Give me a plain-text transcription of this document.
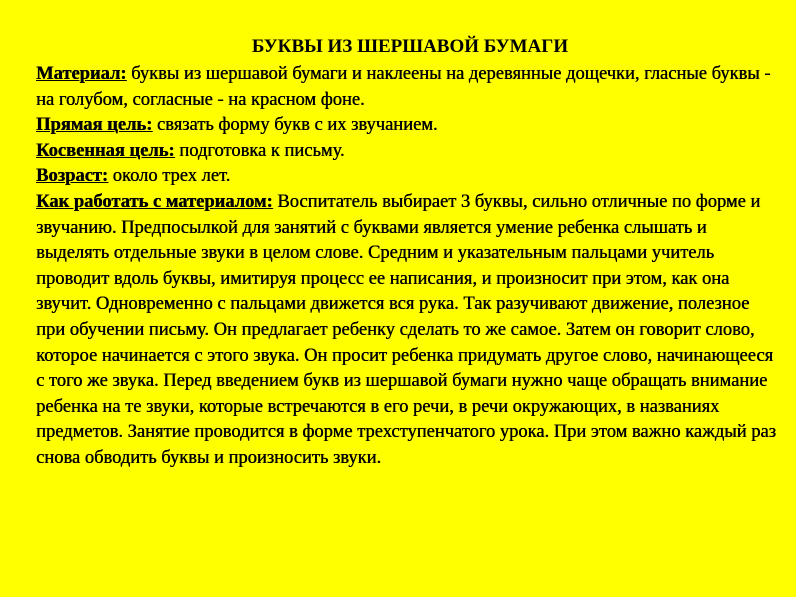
БУКВЫ ИЗ ШЕРШАВОЙ БУМАГИ

Материал: буквы из шершавой бумаги и наклеены на деревянные дощечки, гласные буквы - на голубом, согласные - на красном фоне.

Прямая цель: связать форму букв с их звучанием.

Косвенная цель: подготовка к письму.

Возраст: около трех лет.

Как работать с материалом: Воспитатель выбирает 3 буквы, сильно отличные по форме и звучанию. Предпосылкой для занятий с буквами является умение ребенка слышать и выделять отдельные звуки в целом слове. Средним и указательным пальцами учитель проводит вдоль буквы, имитируя процесс ее написания, и произносит при этом, как она звучит. Одновременно с пальцами движется вся рука. Так разучивают движение, полезное при обучении письму. Он предлагает ребенку сделать то же самое. Затем он говорит слово, которое начинается с этого звука. Он просит ребенка придумать другое слово, начинающееся с того же звука. Перед введением букв из шершавой бумаги нужно чаще обращать внимание ребенка на те звуки, которые встречаются в его речи, в речи окружающих, в названиях предметов. Занятие проводится в форме трехступенчатого урока. При этом важно каждый раз снова обводить буквы и произносить звуки.
